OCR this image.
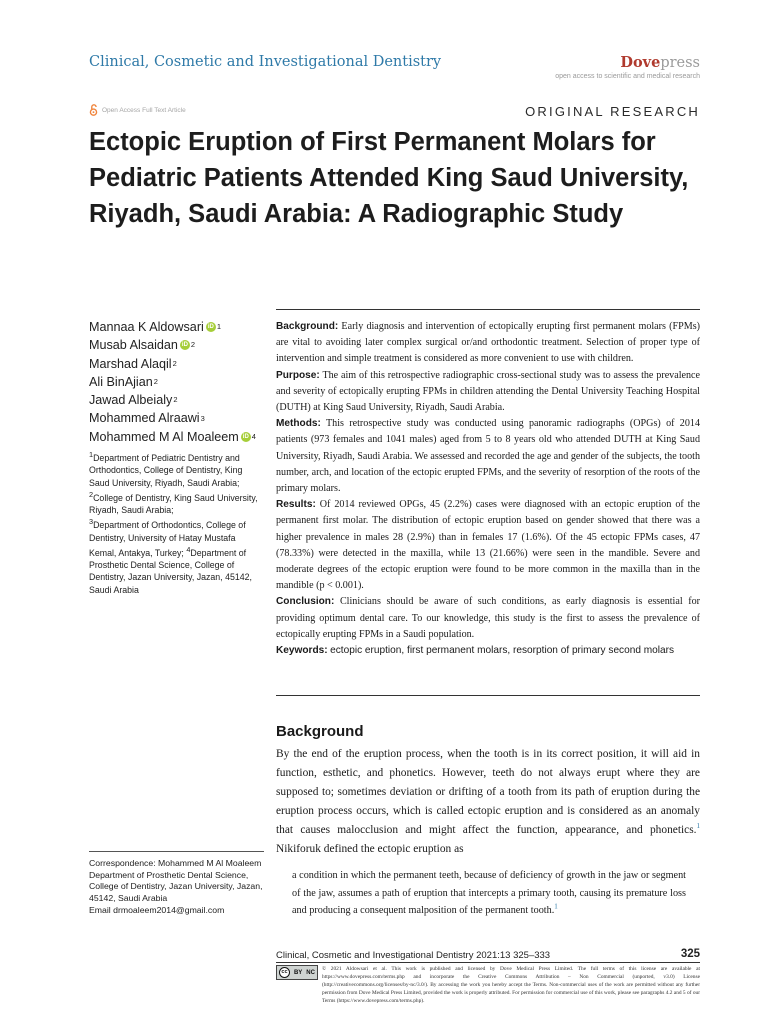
Clinical, Cosmetic and Investigational Dentistry	Dovepress
open access to scientific and medical research
Open Access Full Text Article	ORIGINAL RESEARCH
Ectopic Eruption of First Permanent Molars for Pediatric Patients Attended King Saud University, Riyadh, Saudi Arabia: A Radiographic Study
Mannaa K Aldowsari iD 1
Musab Alsaidan iD 2
Marshad Alaqil 2
Ali BinAjian 2
Jawad Albeialy 2
Mohammed Alraawi 3
Mohammed M Al Moaleem iD 4
$^1$Department of Pediatric Dentistry and Orthodontics, College of Dentistry, King Saud University, Riyadh, Saudi Arabia;
$^2$College of Dentistry, King Saud University, Riyadh, Saudi Arabia;
$^3$Department of Orthodontics, College of Dentistry, University of Hatay Mustafa Kemal, Antakya, Turkey; $^4$Department of Prosthetic Dental Science, College of Dentistry, Jazan University, Jazan, 45142, Saudi Arabia

Background: Early diagnosis and intervention of ectopically erupting first permanent molars (FPMs) are vital to avoiding later complex surgical or/and orthodontic treatment. Selection of proper type of intervention and simple treatment is considered as more convenient to use with children.

Purpose: The aim of this retrospective radiographic cross-sectional study was to assess the prevalence and severity of ectopically erupting FPMs in children attending the Dental University Teaching Hospital (DUTH) at King Saud University, Riyadh, Saudi Arabia.

Methods: This retrospective study was conducted using panoramic radiographs (OPGs) of 2014 patients (973 females and 1041 males) aged from 5 to 8 years old who attended DUTH at King Saud University, Riyadh, Saudi Arabia. We assessed and recorded the age and gender of the subjects, the tooth number, arch, and location of the ectopic erupted FPMs, and the severity of resorption of the roots of the primary molars.

Results: Of 2014 reviewed OPGs, 45 (2.2%) cases were diagnosed with an ectopic eruption of the permanent first molar. The distribution of ectopic eruption based on gender showed that there was a higher prevalence in males 28 (2.9%) than in females 17 (1.6%). Of the 45 ectopic FPMs cases, 47 (78.33%) were detected in the maxilla, while 13 (21.66%) were seen in the mandible. Severe and moderate degrees of the ectopic eruption were found to be more common in the maxilla than in the mandible (p < 0.001).

Conclusion: Clinicians should be aware of such conditions, as early diagnosis is essential for providing optimum dental care. To our knowledge, this study is the first to assess the prevalence of ectopically erupting FPMs in a Saudi population.

Keywords: ectopic eruption, first permanent molars, resorption of primary second molars

Background
By the end of the eruption process, when the tooth is in its correct position, it will aid in function, esthetic, and phonetics. However, teeth do not always erupt where they are supposed to; sometimes deviation or drifting of a tooth from its path of eruption during the eruption process occurs, which is called ectopic eruption and is considered as an anomaly that causes malocclusion and might affect the function, appearance, and phonetics.$^1$ Nikiforuk defined the ectopic eruption as
a condition in which the permanent teeth, because of deficiency of growth in the jaw or segment of the jaw, assumes a path of eruption that intercepts a primary tooth, causing its premature loss and producing a consequent malposition of the permanent tooth.$^1$
Correspondence: Mohammed M Al Moaleem
Department of Prosthetic Dental Science, College of Dentistry, Jazan University, Jazan, 45142, Saudi Arabia
Email drmoaleem2014@gmail.com
Clinical, Cosmetic and Investigational Dentistry 2021:13 325–333	325
cc	BY NC
© 2021 Aldowsari et al. This work is published and licensed by Dove Medical Press Limited. The full terms of this license are available at https://www.dovepress.com/terms.php and incorporate the Creative Commons Attribution – Non Commercial (unported, v3.0) License (http://creativecommons.org/licenses/by-nc/3.0/). By accessing the work you hereby accept the Terms. Non-commercial uses of the work are permitted without any further permission from Dove Medical Press Limited, provided the work is properly attributed. For permission for commercial use of this work, please see paragraphs 4.2 and 5 of our Terms (https://www.dovepress.com/terms.php).
